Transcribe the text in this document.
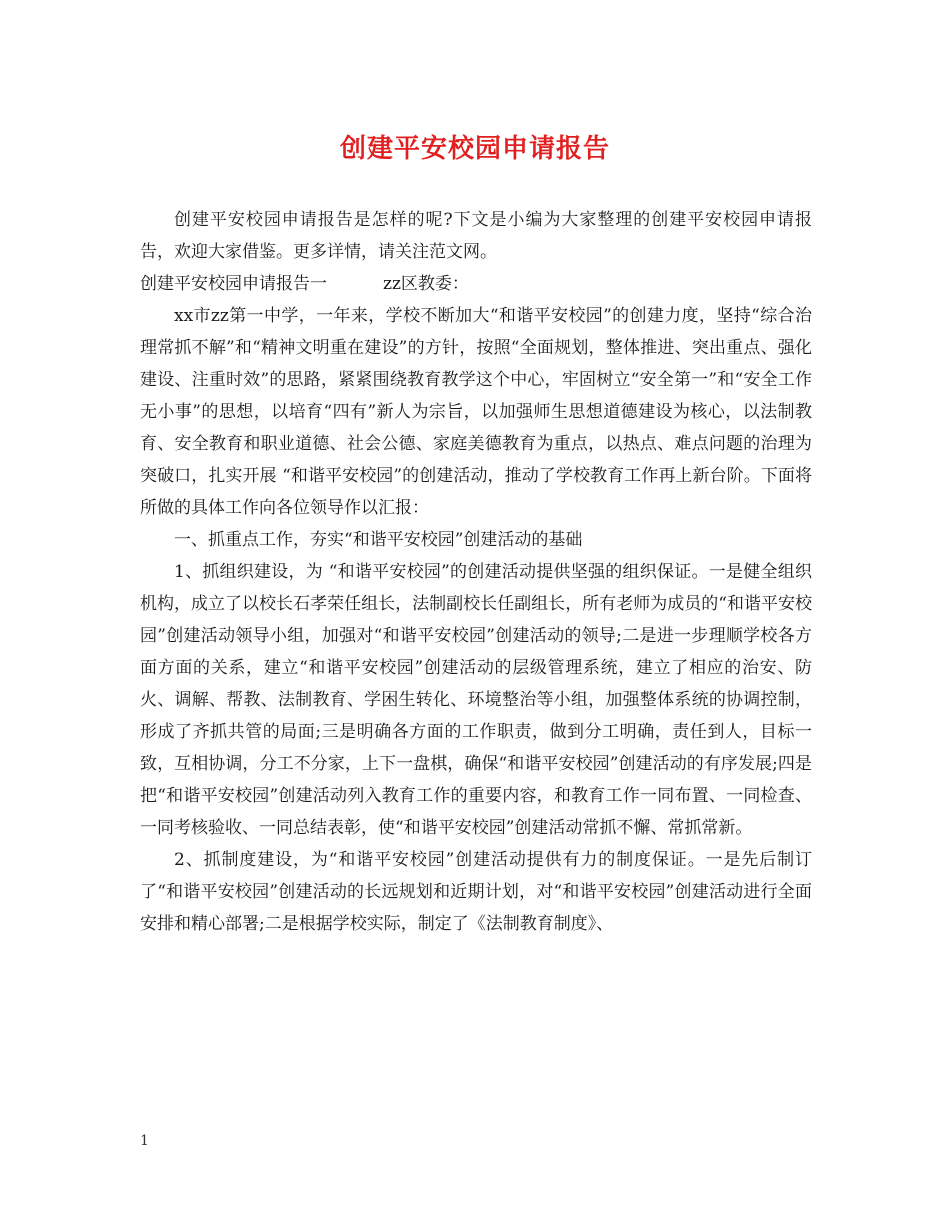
创建平安校园申请报告

创建平安校园申请报告是怎样的呢?下文是小编为大家整理的创建平安校园申请报告，欢迎大家借鉴。更多详情，请关注范文网。

创建平安校园申请报告一	zz区教委：

xx市zz第一中学，一年来，学校不断加大“和谐平安校园”的创建力度，坚持“综合治理常抓不解”和“精神文明重在建设”的方针，按照“全面规划，整体推进、突出重点、强化建设、注重时效”的思路，紧紧围绕教育教学这个中心，牢固树立“安全第一”和“安全工作无小事”的思想，以培育“四有”新人为宗旨，以加强师生思想道德建设为核心，以法制教育、安全教育和职业道德、社会公德、家庭美德教育为重点，以热点、难点问题的治理为突破口，扎实开展 “和谐平安校园”的创建活动，推动了学校教育工作再上新台阶。下面将所做的具体工作向各位领导作以汇报：

一、抓重点工作，夯实“和谐平安校园”创建活动的基础

1、抓组织建设，为 “和谐平安校园”的创建活动提供坚强的组织保证。一是健全组织机构，成立了以校长石孝荣任组长，法制副校长任副组长，所有老师为成员的“和谐平安校园”创建活动领导小组，加强对“和谐平安校园”创建活动的领导;二是进一步理顺学校各方面方面的关系，建立“和谐平安校园”创建活动的层级管理系统，建立了相应的治安、防火、调解、帮教、法制教育、学困生转化、环境整治等小组，加强整体系统的协调控制，形成了齐抓共管的局面;三是明确各方面的工作职责，做到分工明确，责任到人，目标一致，互相协调，分工不分家，上下一盘棋，确保“和谐平安校园”创建活动的有序发展;四是把“和谐平安校园”创建活动列入教育工作的重要内容，和教育工作一同布置、一同检查、一同考核验收、一同总结表彰，使“和谐平安校园”创建活动常抓不懈、常抓常新。

2、抓制度建设，为“和谐平安校园”创建活动提供有力的制度保证。一是先后制订了“和谐平安校园”创建活动的长远规划和近期计划，对“和谐平安校园”创建活动进行全面安排和精心部署;二是根据学校实际，制定了《法制教育制度》、

1
